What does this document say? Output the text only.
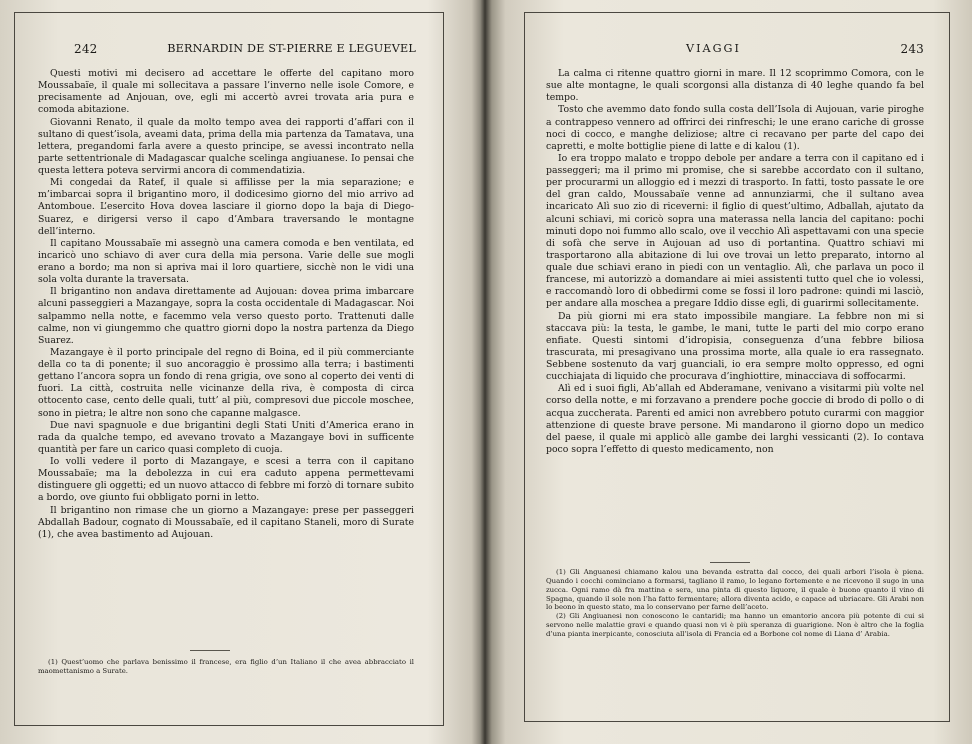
242	BERNARDIN DE ST-PIERRE E LEGUEVEL

Questi motivi mi decisero ad accettare le offerte del capitano moro Moussabaïe, il quale mi sollecitava a passare l’inverno nelle isole Comore, e precisamente ad Anjouan, ove, egli mi accertò avrei trovata aria pura e comoda abitazione.

Giovanni Renato, il quale da molto tempo avea dei rapporti d’affari con il sultano di quest’isola, aveami data, prima della mia partenza da Tamatava, una lettera, pregandomi farla avere a questo principe, se avessi incontrato nella parte settentrionale di Madagascar qualche scelinga angiuanese. Io pensai che questa lettera poteva servirmi ancora di commendatizia.

Mi congedai da Ratef, il quale si affilisse per la mia separazione; e m’imbarcai sopra il brigantino moro, il dodicesimo giorno del mio arrivo ad Antomboue. L’esercito Hova dovea lasciare il giorno dopo la baja di Diego-Suarez, e dirigersi verso il capo d’Ambara traversando le montagne dell’interno.

Il capitano Moussabaïe mi assegnò una camera comoda e ben ventilata, ed incaricò uno schiavo di aver cura della mia persona. Varie delle sue mogli erano a bordo; ma non si apriva mai il loro quartiere, sicchè non le vidi una sola volta durante la traversata.

Il brigantino non andava direttamente ad Aujouan: dovea prima imbarcare alcuni passeggieri a Mazangaye, sopra la costa occidentale di Madagascar. Noi salpammo nella notte, e facemmo vela verso questo porto. Trattenuti dalle calme, non vi giungemmo che quattro giorni dopo la nostra partenza da Diego Suarez.

Mazangaye è il porto principale del regno di Boina, ed il più commerciante della co ta di ponente; il suo ancoraggio è prossimo alla terra; i bastimenti gettano l’ancora sopra un fondo di rena grigia, ove sono al coperto dei venti di fuori. La città, costruita nelle vicinanze della riva, è composta di circa ottocento case, cento delle quali, tutt’ al più, compresovi due piccole moschee, sono in pietra; le altre non sono che capanne malgasce.

Due navi spagnuole e due brigantini degli Stati Uniti d’America erano in rada da qualche tempo, ed avevano trovato a Mazangaye bovi in sufficente quantità per fare un carico quasi completo di cuoja.

Io volli vedere il porto di Mazangaye, e scesi a terra con il capitano Moussabaïe; ma la debolezza in cui era caduto appena permettevami distinguere gli oggetti; ed un nuovo attacco di febbre mi forzò di tornare subito a bordo, ove giunto fui obbligato porni in letto.

Il brigantino non rimase che un giorno a Mazangaye: prese per passeggeri Abdallah Badour, cognato di Moussabaïe, ed il capitano Staneli, moro di Surate (1), che avea bastimento ad Aujouan.

(1) Quest’uomo che parlava benissimo il francese, era figlio d’un Italiano il che avea abbracciato il maomettanismo a Surate.

VIAGGI	243

La calma ci ritenne quattro giorni in mare. Il 12 scoprimmo Comora, con le sue alte montagne, le quali scorgonsi alla distanza di 40 leghe quando fa bel tempo.

Tosto che avemmo dato fondo sulla costa dell’Isola di Aujouan, varie piroghe a contrappeso vennero ad offrirci dei rinfreschi; le une erano cariche di grosse noci di cocco, e manghe deliziose; altre ci recavano per parte del capo dei capretti, e molte bottiglie piene di latte e di kalou (1).

Io era troppo malato e troppo debole per andare a terra con il capitano ed i passeggeri; ma il primo mi promise, che si sarebbe accordato con il sultano, per procurarmi un alloggio ed i mezzi di trasporto. In fatti, tosto passate le ore del gran caldo, Moussabaïe venne ad annunziarmi, che il sultano avea incaricato Alì suo zio di riceverni: il figlio di quest’ultimo, Adballah, ajutato da alcuni schiavi, mi coricò sopra una materassa nella lancia del capitano: pochi minuti dopo noi fummo allo scalo, ove il vecchio Alì aspettavami con una specie di sofà che serve in Aujouan ad uso di portantina. Quattro schiavi mi trasportarono alla abitazione di lui ove trovai un letto preparato, intorno al quale due schiavi erano in piedi con un ventaglio. Alì, che parlava un poco il francese, mi autorizzò a domandare ai miei assistenti tutto quel che io volessi, e raccomandò loro di obbedirmi come se fossi il loro padrone: quindi mi lasciò, per andare alla moschea a pregare Iddio disse egli, di guarirmi sollecitamente.

Da più giorni mi era stato impossibile mangiare. La febbre non mi si staccava più: la testa, le gambe, le mani, tutte le parti del mio corpo erano enfiate. Questi sintomi d’idropisia, conseguenza d’una febbre biliosa trascurata, mi presagivano una prossima morte, alla quale io era rassegnato. Sebbene sostenuto da varj guanciali, io era sempre molto oppresso, ed ogni cucchiajata di liquido che procurava d’inghiottire, minacciava di soffocarmi.

Alì ed i suoi figli, Ab’allah ed Abderamane, venivano a visitarmi più volte nel corso della notte, e mi forzavano a prendere poche goccie di brodo di pollo o di acqua zuccherata. Parenti ed amici non avrebbero potuto curarmi con maggior attenzione di queste brave persone. Mi mandarono il giorno dopo un medico del paese, il quale mi applicò alle gambe dei larghi vessicanti (2). Io contava poco sopra l’effetto di questo medicamento, non

(1) Gli Anguanesi chiamano kalou una bevanda estratta dal cocco, dei quali arbori l’isola è piena. Quando i cocchi cominciano a formarsi, tagliano il ramo, lo legano fortemente e ne ricevono il sugo in una zucca. Ogni ramo dà fra mattina e sera, una pinta di questo liquore, il quale è buono quanto il vino di Spagna, quando il sole non l’ha fatto fermentare; allora diventa acido, e capace ad ubriacare. Gli Arabi non lo beono in questo stato, ma lo conservano per farne dell’aceto.

(2) Gli Angiuanesi non conoscono le cantaridi; ma hanno un emantorio ancora più potente di cui si servono nelle malattie gravi e quando quasi non vi è più speranza di guarigione. Non è altro che la foglia d’una pianta inerpicante, conosciuta all’isola di Francia ed a Borbone col nome di Liana d’ Arabia.
